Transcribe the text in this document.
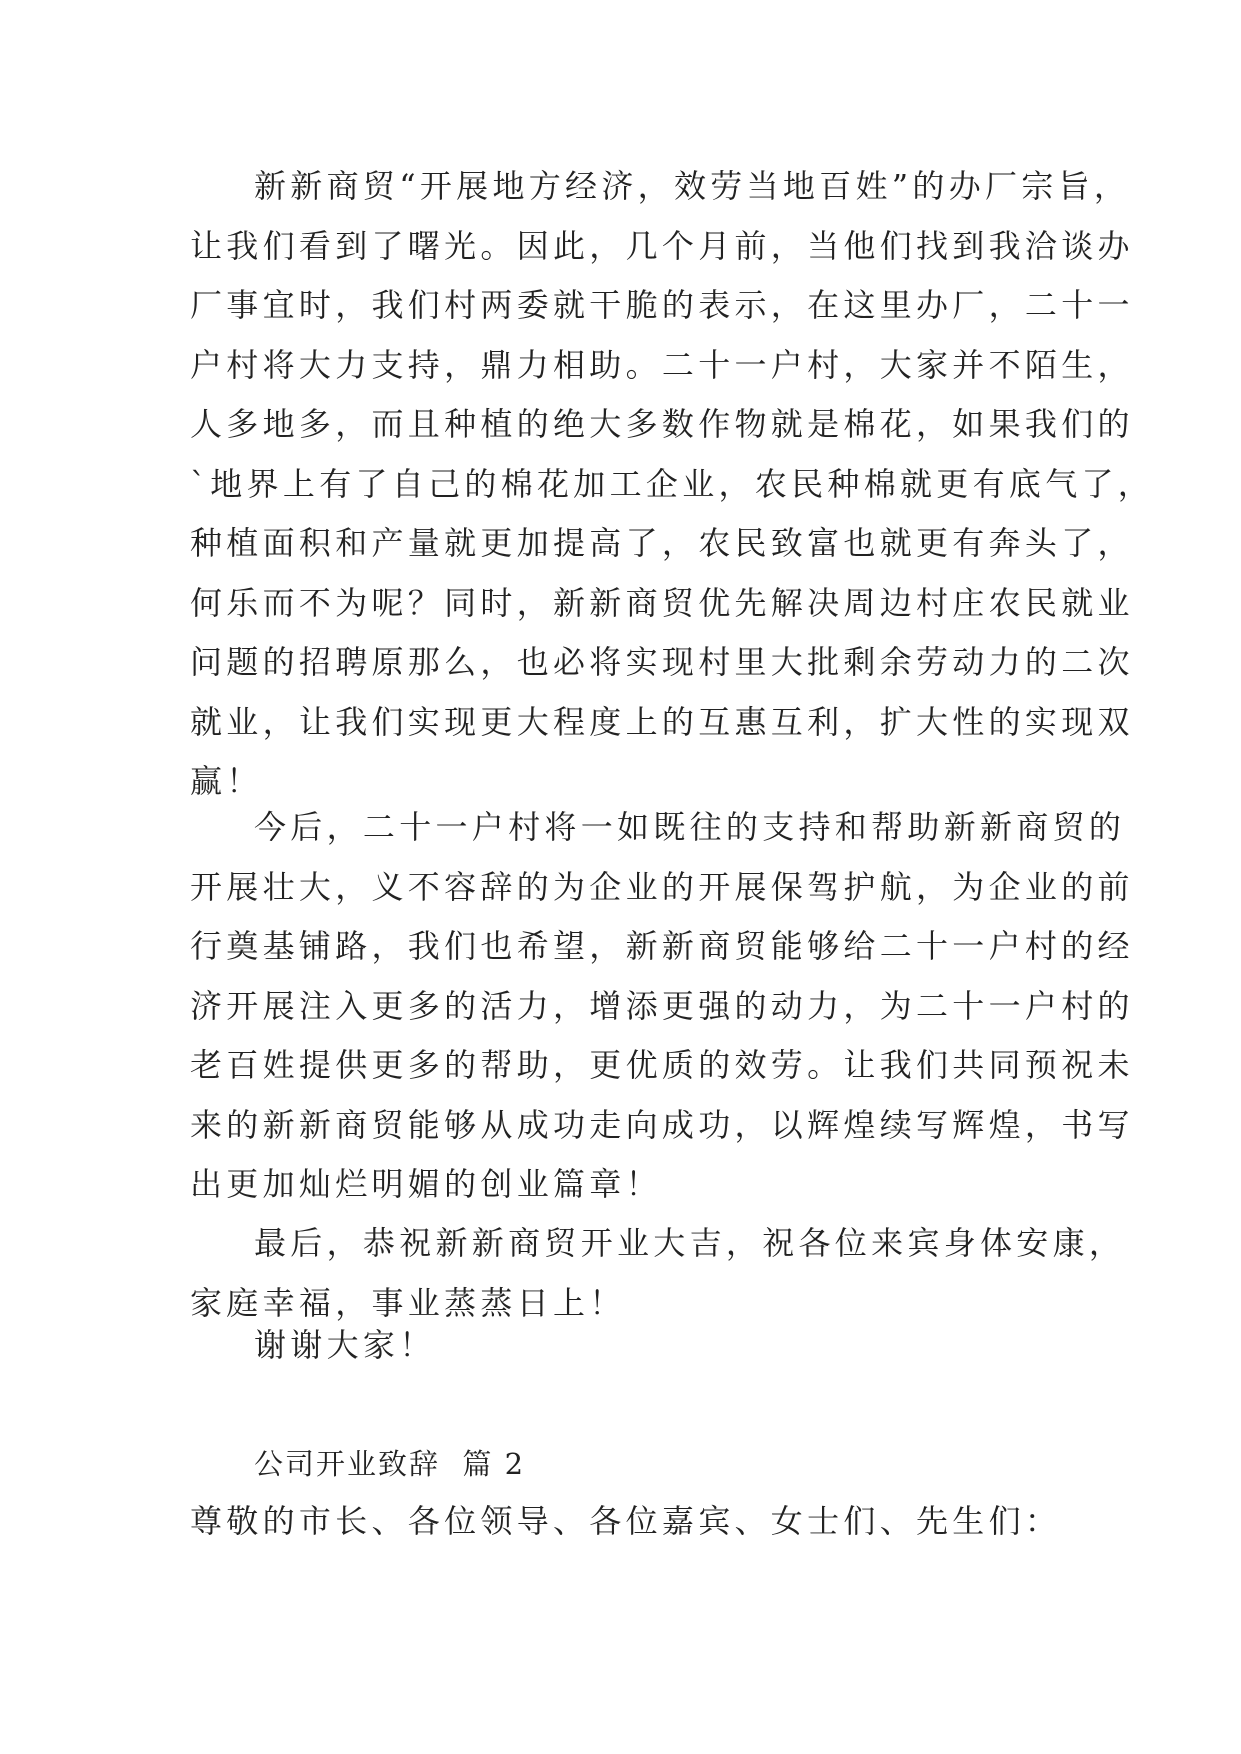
新新商贸“开展地方经济，效劳当地百姓”的办厂宗旨，
让我们看到了曙光。因此，几个月前，当他们找到我洽谈办
厂事宜时，我们村两委就干脆的表示，在这里办厂，二十一
户村将大力支持，鼎力相助。二十一户村，大家并不陌生，
人多地多，而且种植的绝大多数作物就是棉花，如果我们的
`地界上有了自己的棉花加工企业，农民种棉就更有底气了，
种植面积和产量就更加提高了，农民致富也就更有奔头了，
何乐而不为呢？同时，新新商贸优先解决周边村庄农民就业
问题的招聘原那么，也必将实现村里大批剩余劳动力的二次
就业，让我们实现更大程度上的互惠互利，扩大性的实现双
赢！
今后，二十一户村将一如既往的支持和帮助新新商贸的
开展壮大，义不容辞的为企业的开展保驾护航，为企业的前
行奠基铺路，我们也希望，新新商贸能够给二十一户村的经
济开展注入更多的活力，增添更强的动力，为二十一户村的
老百姓提供更多的帮助，更优质的效劳。让我们共同预祝未
来的新新商贸能够从成功走向成功，以辉煌续写辉煌，书写
出更加灿烂明媚的创业篇章！
最后，恭祝新新商贸开业大吉，祝各位来宾身体安康，
家庭幸福，事业蒸蒸日上！
谢谢大家！
公司开业致辞  篇 2
尊敬的市长、各位领导、各位嘉宾、女士们、先生们：
